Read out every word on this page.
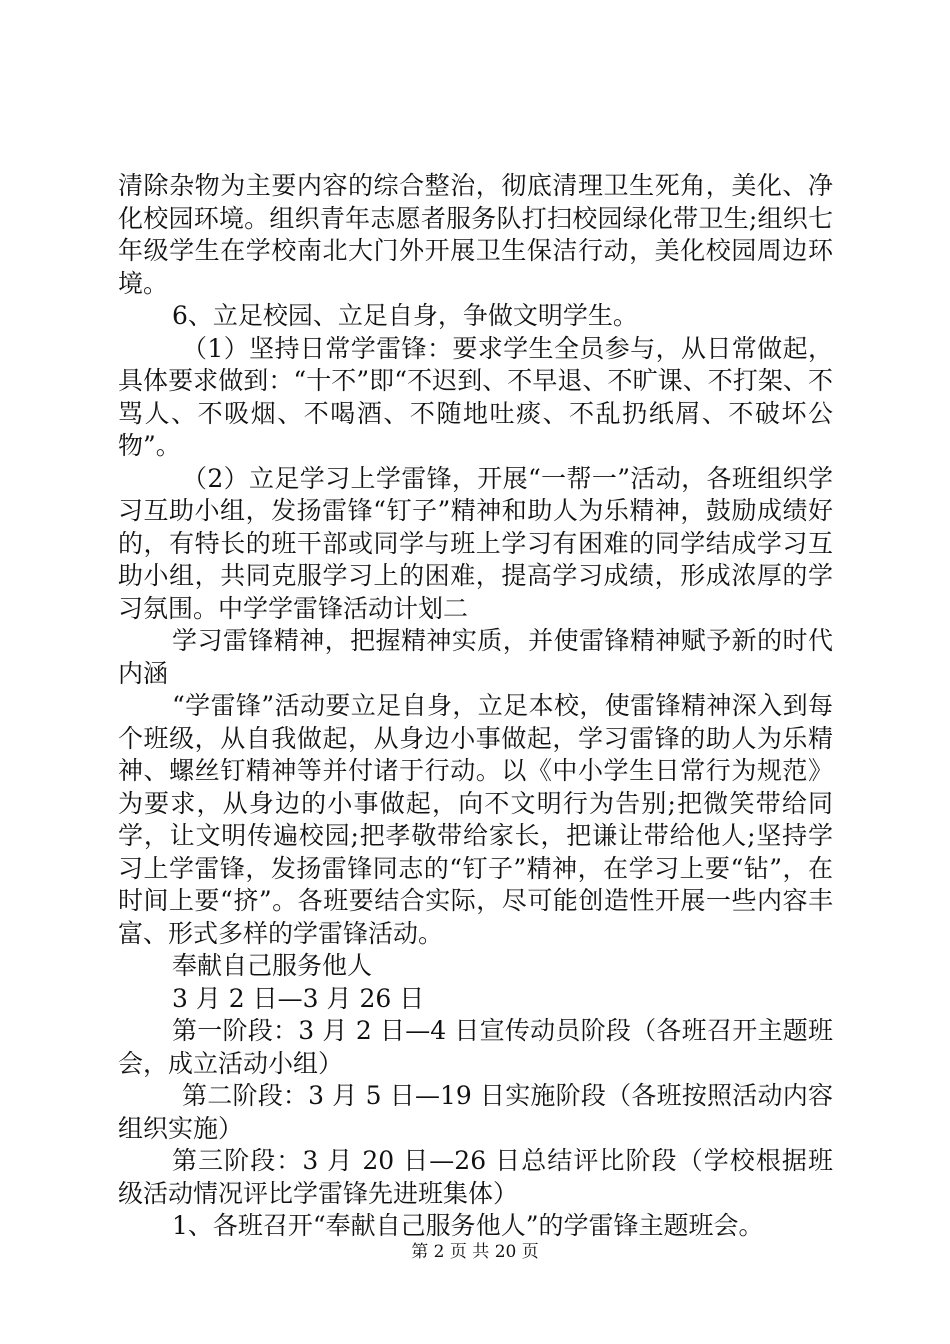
清除杂物为主要内容的综合整治，彻底清理卫生死角，美化、净化校园环境。组织青年志愿者服务队打扫校园绿化带卫生;组织七年级学生在学校南北大门外开展卫生保洁行动，美化校园周边环境。

6、立足校园、立足自身，争做文明学生。

（1）坚持日常学雷锋：要求学生全员参与，从日常做起，具体要求做到：“十不”即“不迟到、不早退、不旷课、不打架、不骂人、不吸烟、不喝酒、不随地吐痰、不乱扔纸屑、不破坏公物”。

（2）立足学习上学雷锋，开展“一帮一”活动，各班组织学习互助小组，发扬雷锋“钉子”精神和助人为乐精神，鼓励成绩好的，有特长的班干部或同学与班上学习有困难的同学结成学习互助小组，共同克服学习上的困难，提高学习成绩，形成浓厚的学习氛围。中学学雷锋活动计划二

学习雷锋精神，把握精神实质，并使雷锋精神赋予新的时代内涵

“学雷锋”活动要立足自身，立足本校，使雷锋精神深入到每个班级，从自我做起，从身边小事做起，学习雷锋的助人为乐精神、螺丝钉精神等并付诸于行动。以《中小学生日常行为规范》为要求，从身边的小事做起，向不文明行为告别;把微笑带给同学，让文明传遍校园;把孝敬带给家长，把谦让带给他人;坚持学习上学雷锋，发扬雷锋同志的“钉子”精神，在学习上要“钻”，在时间上要“挤”。各班要结合实际，尽可能创造性开展一些内容丰富、形式多样的学雷锋活动。

奉献自己服务他人

3 月 2 日—3 月 26 日

第一阶段：3 月 2 日—4 日宣传动员阶段（各班召开主题班会，成立活动小组）

第二阶段：3 月 5 日—19 日实施阶段（各班按照活动内容组织实施）

第三阶段：3 月 20 日—26 日总结评比阶段（学校根据班级活动情况评比学雷锋先进班集体）

1、各班召开“奉献自己服务他人”的学雷锋主题班会。

第 2 页 共 20 页
